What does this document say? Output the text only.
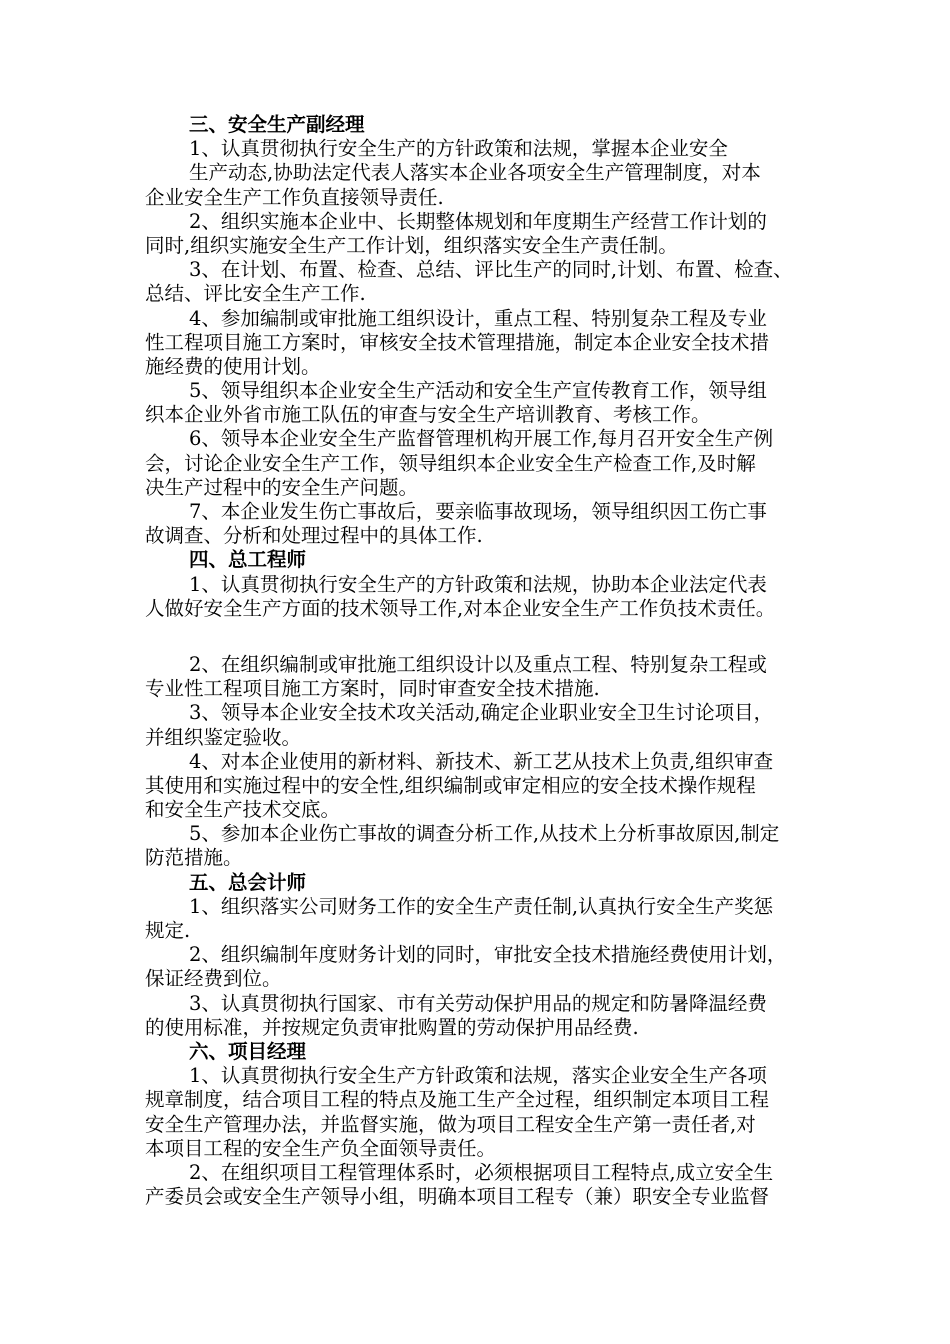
三、安全生产副经理
1、认真贯彻执行安全生产的方针政策和法规，掌握本企业安全
生产动态,协助法定代表人落实本企业各项安全生产管理制度，对本
企业安全生产工作负直接领导责任.
2、组织实施本企业中、长期整体规划和年度期生产经营工作计划的
同时,组织实施安全生产工作计划，组织落实安全生产责任制。
3、在计划、布置、检查、总结、评比生产的同时,计划、布置、检查、
总结、评比安全生产工作.
4、参加编制或审批施工组织设计，重点工程、特别复杂工程及专业
性工程项目施工方案时，审核安全技术管理措施，制定本企业安全技术措
施经费的使用计划。
5、领导组织本企业安全生产活动和安全生产宣传教育工作，领导组
织本企业外省市施工队伍的审查与安全生产培训教育、考核工作。
6、领导本企业安全生产监督管理机构开展工作,每月召开安全生产例
会，讨论企业安全生产工作，领导组织本企业安全生产检查工作,及时解
决生产过程中的安全生产问题。
7、本企业发生伤亡事故后，要亲临事故现场，领导组织因工伤亡事
故调查、分析和处理过程中的具体工作.
四、总工程师
1、认真贯彻执行安全生产的方针政策和法规，协助本企业法定代表
人做好安全生产方面的技术领导工作,对本企业安全生产工作负技术责任。
2、在组织编制或审批施工组织设计以及重点工程、特别复杂工程或
专业性工程项目施工方案时，同时审查安全技术措施.
3、领导本企业安全技术攻关活动,确定企业职业安全卫生讨论项目，
并组织鉴定验收。
4、对本企业使用的新材料、新技术、新工艺从技术上负责,组织审查
其使用和实施过程中的安全性,组织编制或审定相应的安全技术操作规程
和安全生产技术交底。
5、参加本企业伤亡事故的调查分析工作,从技术上分析事故原因,制定
防范措施。
五、总会计师
1、组织落实公司财务工作的安全生产责任制,认真执行安全生产奖惩
规定.
2、组织编制年度财务计划的同时，审批安全技术措施经费使用计划，
保证经费到位。
3、认真贯彻执行国家、市有关劳动保护用品的规定和防暑降温经费
的使用标准，并按规定负责审批购置的劳动保护用品经费.
六、项目经理
1、认真贯彻执行安全生产方针政策和法规，落实企业安全生产各项
规章制度，结合项目工程的特点及施工生产全过程，组织制定本项目工程
安全生产管理办法，并监督实施，做为项目工程安全生产第一责任者,对
本项目工程的安全生产负全面领导责任。
2、在组织项目工程管理体系时，必须根据项目工程特点,成立安全生
产委员会或安全生产领导小组，明确本项目工程专（兼）职安全专业监督
